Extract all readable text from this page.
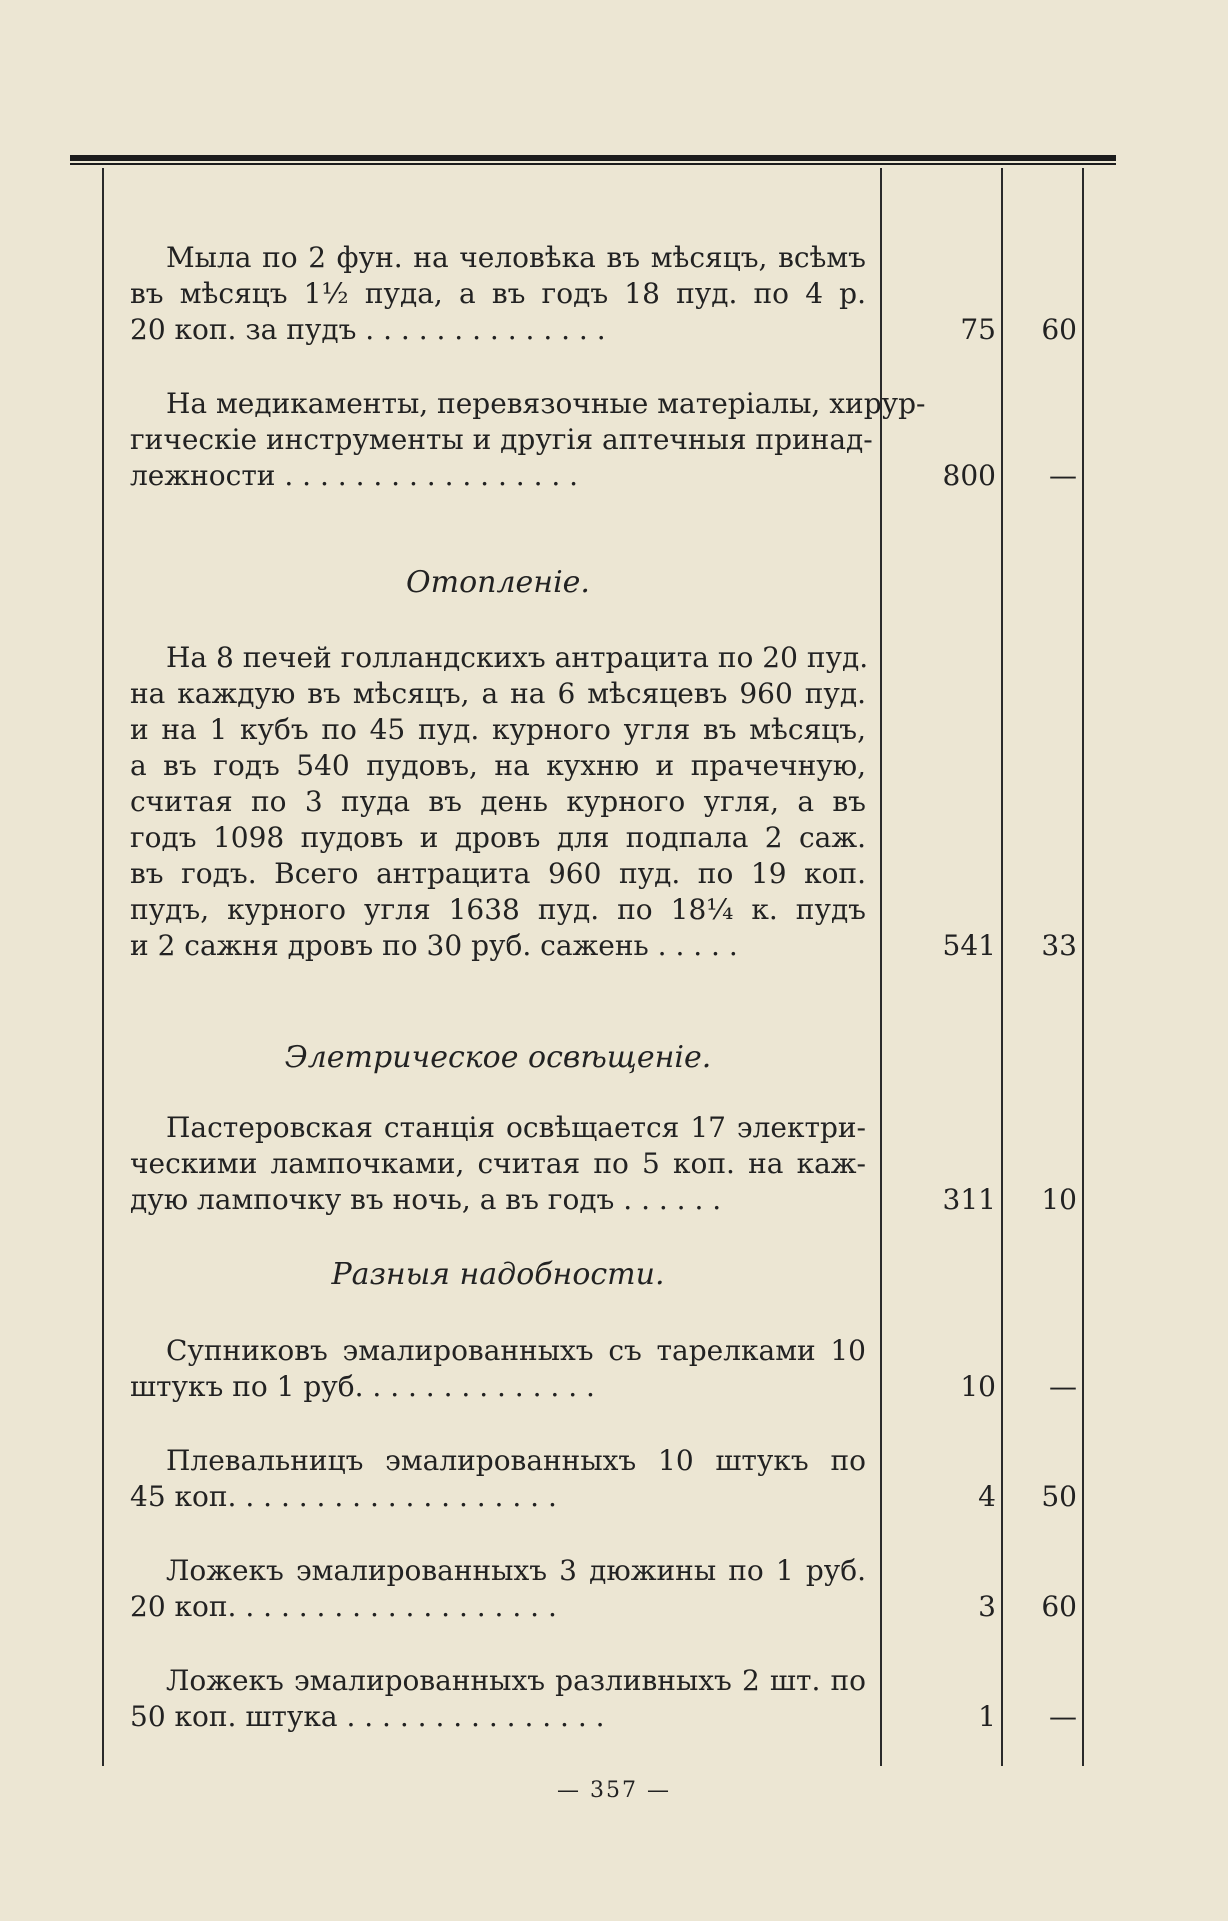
Мыла по 2 фун. на человѣка въ мѣсяцъ, всѣмъ
въ мѣсяцъ 1½ пуда, а въ годъ 18 пуд. по 4 р.
20 коп. за пудъ . . . . . . . . . . . . . .	75	60
На медикаменты, перевязочные матеріалы, хирур-
гическіе инструменты и другія аптечныя принад-
лежности . . . . . . . . . . . . . . . . .	800	—
Отопленіе.
На 8 печей голландскихъ антрацита по 20 пуд.
на каждую въ мѣсяцъ, а на 6 мѣсяцевъ 960 пуд.
и на 1 кубъ по 45 пуд. курного угля въ мѣсяцъ,
а въ годъ 540 пудовъ, на кухню и прачечную,
считая по 3 пуда въ день курного угля, а въ
годъ 1098 пудовъ и дровъ для подпала 2 саж.
въ годъ. Всего антрацита 960 пуд. по 19 коп.
пудъ, курного угля 1638 пуд. по 18¼ к. пудъ
и 2 сажня дровъ по 30 руб. сажень . . . . .	541	33
Элетрическое освѣщеніе.
Пастеровская станція освѣщается 17 электри-
ческими лампочками, считая по 5 коп. на каж-
дую лампочку въ ночь, а въ годъ . . . . . .	311	10
Разныя надобности.
Супниковъ эмалированныхъ съ тарелками 10
штукъ по 1 руб. . . . . . . . . . . . . .	10	—
Плевальницъ эмалированныхъ 10 штукъ по
45 коп. . . . . . . . . . . . . . . . . . .	4	50
Ложекъ эмалированныхъ 3 дюжины по 1 руб.
20 коп. . . . . . . . . . . . . . . . . . .	3	60
Ложекъ эмалированныхъ разливныхъ 2 шт. по
50 коп. штука . . . . . . . . . . . . . . .	1	—
— 357 —
